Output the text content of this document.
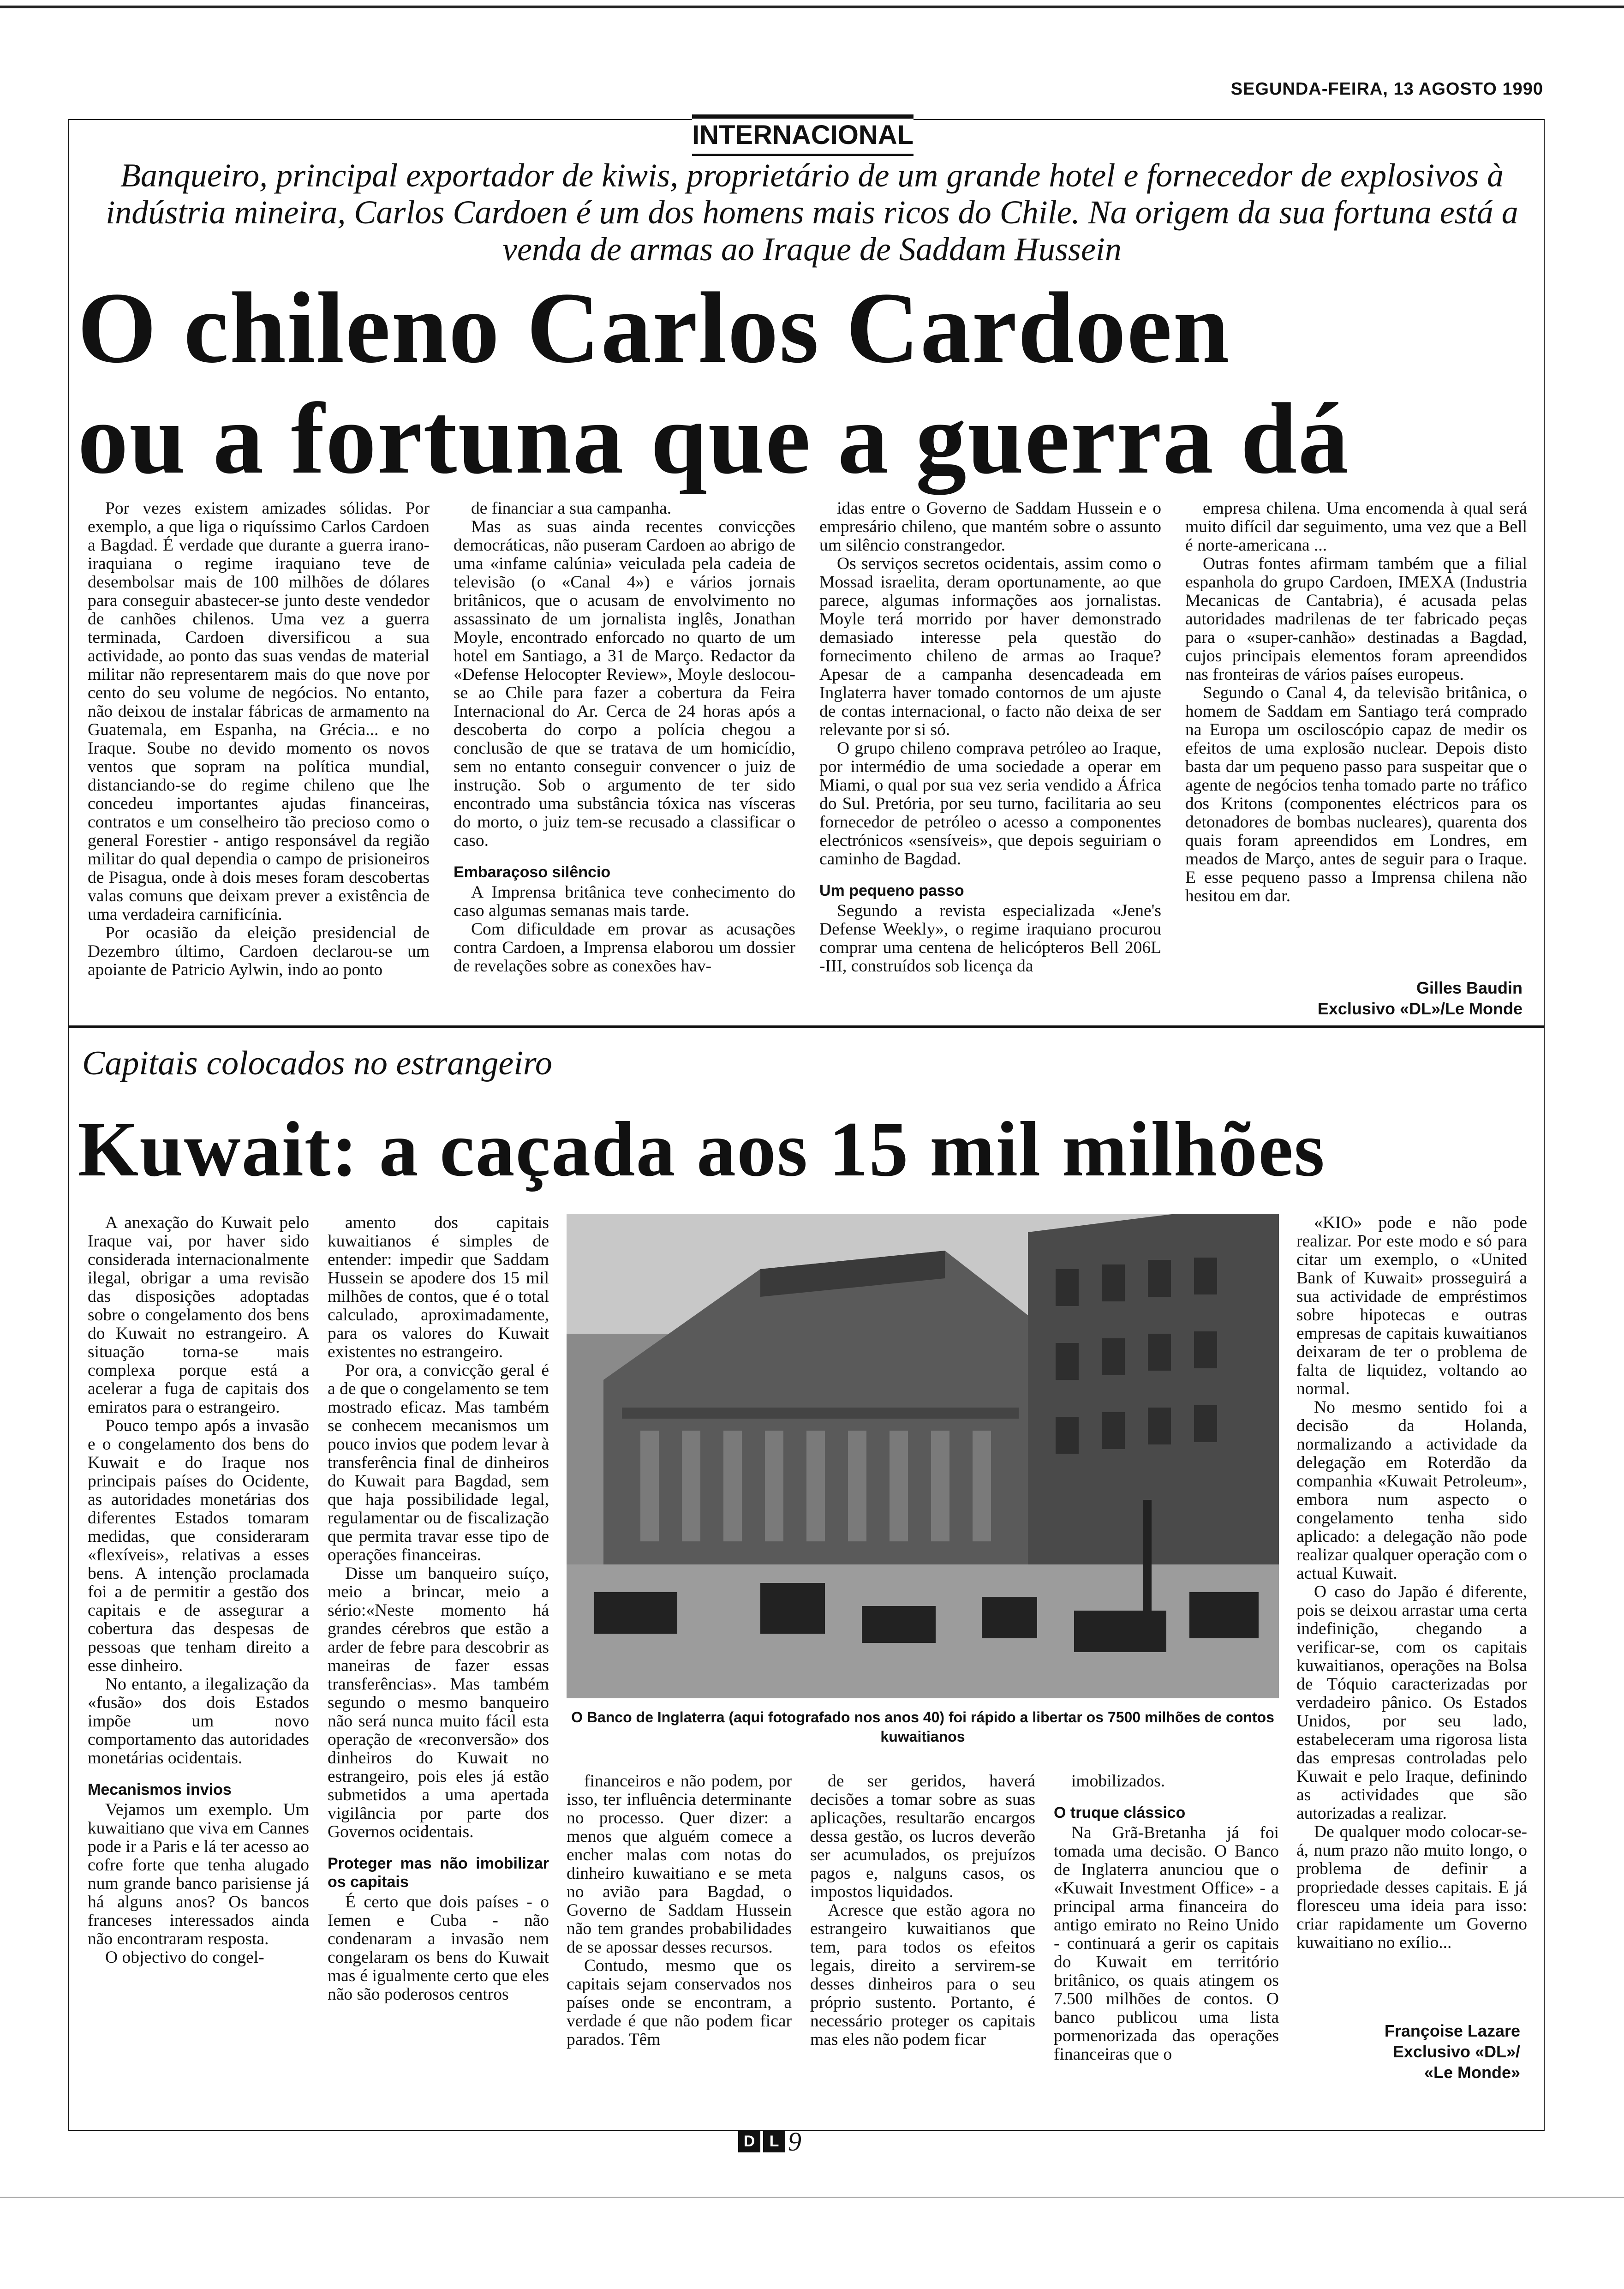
SEGUNDA-FEIRA, 13 AGOSTO 1990
INTERNACIONAL
Banqueiro, principal exportador de kiwis, proprietário de um grande hotel e fornecedor de explosivos à indústria mineira, Carlos Cardoen é um dos homens mais ricos do Chile. Na origem da sua fortuna está a venda de armas ao Iraque de Saddam Hussein
O chileno Carlos Cardoen
ou a fortuna que a guerra dá

Por vezes existem amizades sólidas. Por exemplo, a que liga o riquíssimo Carlos Cardoen a Bagdad. É verdade que durante a guerra irano-iraquiana o regime iraquiano teve de desembolsar mais de 100 milhões de dólares para conseguir abastecer-se junto deste vendedor de canhões chilenos. Uma vez a guerra terminada, Cardoen diversificou a sua actividade, ao ponto das suas vendas de material militar não representarem mais do que nove por cento do seu volume de negócios. No entanto, não deixou de instalar fábricas de armamento na Guatemala, em Espanha, na Grécia... e no Iraque. Soube no devido momento os novos ventos que sopram na política mundial, distanciando-se do regime chileno que lhe concedeu importantes ajudas financeiras, contratos e um conselheiro tão precioso como o general Forestier - antigo responsável da região militar do qual dependia o campo de prisioneiros de Pisagua, onde à dois meses foram descobertas valas comuns que deixam prever a existência de uma verdadeira carnificínia.

Por ocasião da eleição presidencial de Dezembro último, Cardoen declarou-se um apoiante de Patricio Aylwin, indo ao ponto

de financiar a sua campanha.

Mas as suas ainda recentes convicções democráticas, não puseram Cardoen ao abrigo de uma «infame calúnia» veiculada pela cadeia de televisão (o «Canal 4») e vários jornais britânicos, que o acusam de envolvimento no assassinato de um jornalista inglês, Jonathan Moyle, encontrado enforcado no quarto de um hotel em Santiago, a 31 de Março. Redactor da «Defense Helocopter Review», Moyle deslocou-se ao Chile para fazer a cobertura da Feira Internacional do Ar. Cerca de 24 horas após a descoberta do corpo a polícia chegou a conclusão de que se tratava de um homicídio, sem no entanto conseguir convencer o juiz de instrução. Sob o argumento de ter sido encontrado uma substância tóxica nas vísceras do morto, o juiz tem-se recusado a classificar o caso.

Embaraçoso silêncio

A Imprensa britânica teve conhecimento do caso algumas semanas mais tarde.

Com dificuldade em provar as acusações contra Cardoen, a Imprensa elaborou um dossier de revelações sobre as conexões hav-

idas entre o Governo de Saddam Hussein e o empresário chileno, que mantém sobre o assunto um silêncio constrangedor.

Os serviços secretos ocidentais, assim como o Mossad israelita, deram oportunamente, ao que parece, algumas informações aos jornalistas. Moyle terá morrido por haver demonstrado demasiado interesse pela questão do fornecimento chileno de armas ao Iraque? Apesar de a campanha desencadeada em Inglaterra haver tomado contornos de um ajuste de contas internacional, o facto não deixa de ser relevante por si só.

O grupo chileno comprava petróleo ao Iraque, por intermédio de uma sociedade a operar em Miami, o qual por sua vez seria vendido a África do Sul. Pretória, por seu turno, facilitaria ao seu fornecedor de petróleo o acesso a componentes electrónicos «sensíveis», que depois seguiriam o caminho de Bagdad.

Um pequeno passo

Segundo a revista especializada «Jene's Defense Weekly», o regime iraquiano procurou comprar uma centena de helicópteros Bell 206L -III, construídos sob licença da

empresa chilena. Uma encomenda à qual será muito difícil dar seguimento, uma vez que a Bell é norte-americana ...

Outras fontes afirmam também que a filial espanhola do grupo Cardoen, IMEXA (Industria Mecanicas de Cantabria), é acusada pelas autoridades madrilenas de ter fabricado peças para o «super-canhão» destinadas a Bagdad, cujos principais elementos foram apreendidos nas fronteiras de vários países europeus.

Segundo o Canal 4, da televisão britânica, o homem de Saddam em Santiago terá comprado na Europa um osciloscópio capaz de medir os efeitos de uma explosão nuclear. Depois disto basta dar um pequeno passo para suspeitar que o agente de negócios tenha tomado parte no tráfico dos Kritons (componentes eléctricos para os detonadores de bombas nucleares), quarenta dos quais foram apreendidos em Londres, em meados de Março, antes de seguir para o Iraque. E esse pequeno passo a Imprensa chilena não hesitou em dar.

Gilles Baudin
Exclusivo «DL»/Le Monde
Capitais colocados no estrangeiro
Kuwait: a caçada aos 15 mil milhões

A anexação do Kuwait pelo Iraque vai, por haver sido considerada internacionalmente ilegal, obrigar a uma revisão das disposições adoptadas sobre o congelamento dos bens do Kuwait no estrangeiro. A situação torna-se mais complexa porque está a acelerar a fuga de capitais dos emiratos para o estrangeiro.

Pouco tempo após a invasão e o congelamento dos bens do Kuwait e do Iraque nos principais países do Ocidente, as autoridades monetárias dos diferentes Estados tomaram medidas, que consideraram «flexíveis», relativas a esses bens. A intenção proclamada foi a de permitir a gestão dos capitais e de assegurar a cobertura das despesas de pessoas que tenham direito a esse dinheiro.

No entanto, a ilegalização da «fusão» dos dois Estados impõe um novo comportamento das autoridades monetárias ocidentais.

Mecanismos invios

Vejamos um exemplo. Um kuwaitiano que viva em Cannes pode ir a Paris e lá ter acesso ao cofre forte que tenha alugado num grande banco parisiense já há alguns anos? Os bancos franceses interessados ainda não encontraram resposta.

O objectivo do congel-

amento dos capitais kuwaitianos é simples de entender: impedir que Saddam Hussein se apodere dos 15 mil milhões de contos, que é o total calculado, aproximadamente, para os valores do Kuwait existentes no estrangeiro.

Por ora, a convicção geral é a de que o congelamento se tem mostrado eficaz. Mas também se conhecem mecanismos um pouco invios que podem levar à transferência final de dinheiros do Kuwait para Bagdad, sem que haja possibilidade legal, regulamentar ou de fiscalização que permita travar esse tipo de operações financeiras.

Disse um banqueiro suíço, meio a brincar, meio a sério:«Neste momento há grandes cérebros que estão a arder de febre para descobrir as maneiras de fazer essas transferências». Mas também segundo o mesmo banqueiro não será nunca muito fácil esta operação de «reconversão» dos dinheiros do Kuwait no estrangeiro, pois eles já estão submetidos a uma apertada vigilância por parte dos Governos ocidentais.

Proteger mas não imobilizar os capitais

É certo que dois países - o Iemen e Cuba - não condenaram a invasão nem congelaram os bens do Kuwait mas é igualmente certo que eles não são poderosos centros

O Banco de Inglaterra (aqui fotografado nos anos 40) foi rápido a libertar os 7500 milhões de contos kuwaitianos

financeiros e não podem, por isso, ter influência determinante no processo. Quer dizer: a menos que alguém comece a encher malas com notas do dinheiro kuwaitiano e se meta no avião para Bagdad, o Governo de Saddam Hussein não tem grandes probabilidades de se apossar desses recursos.

Contudo, mesmo que os capitais sejam conservados nos países onde se encontram, a verdade é que não podem ficar parados. Têm

de ser geridos, haverá decisões a tomar sobre as suas aplicações, resultarão encargos dessa gestão, os lucros deverão ser acumulados, os prejuízos pagos e, nalguns casos, os impostos liquidados.

Acresce que estão agora no estrangeiro kuwaitianos que tem, para todos os efeitos legais, direito a servirem-se desses dinheiros para o seu próprio sustento. Portanto, é necessário proteger os capitais mas eles não podem ficar

imobilizados.

O truque clássico

Na Grã-Bretanha já foi tomada uma decisão. O Banco de Inglaterra anunciou que o «Kuwait Investment Office» - a principal arma financeira do antigo emirato no Reino Unido - continuará a gerir os capitais do Kuwait em território britânico, os quais atingem os 7.500 milhões de contos. O banco publicou uma lista pormenorizada das operações financeiras que o

«KIO» pode e não pode realizar. Por este modo e só para citar um exemplo, o «United Bank of Kuwait» prosseguirá a sua actividade de empréstimos sobre hipotecas e outras empresas de capitais kuwaitianos deixaram de ter o problema de falta de liquidez, voltando ao normal.

No mesmo sentido foi a decisão da Holanda, normalizando a actividade da delegação em Roterdão da companhia «Kuwait Petroleum», embora num aspecto o congelamento tenha sido aplicado: a delegação não pode realizar qualquer operação com o actual Kuwait.

O caso do Japão é diferente, pois se deixou arrastar uma certa indefinição, chegando a verificar-se, com os capitais kuwaitianos, operações na Bolsa de Tóquio caracterizadas por verdadeiro pânico. Os Estados Unidos, por seu lado, estabeleceram uma rigorosa lista das empresas controladas pelo Kuwait e pelo Iraque, definindo as actividades que são autorizadas a realizar.

De qualquer modo colocar-se-á, num prazo não muito longo, o problema de definir a propriedade desses capitais. E já floresceu uma ideia para isso: criar rapidamente um Governo kuwaitiano no exílio...

Françoise Lazare
Exclusivo «DL»/
«Le Monde»
D L 9
